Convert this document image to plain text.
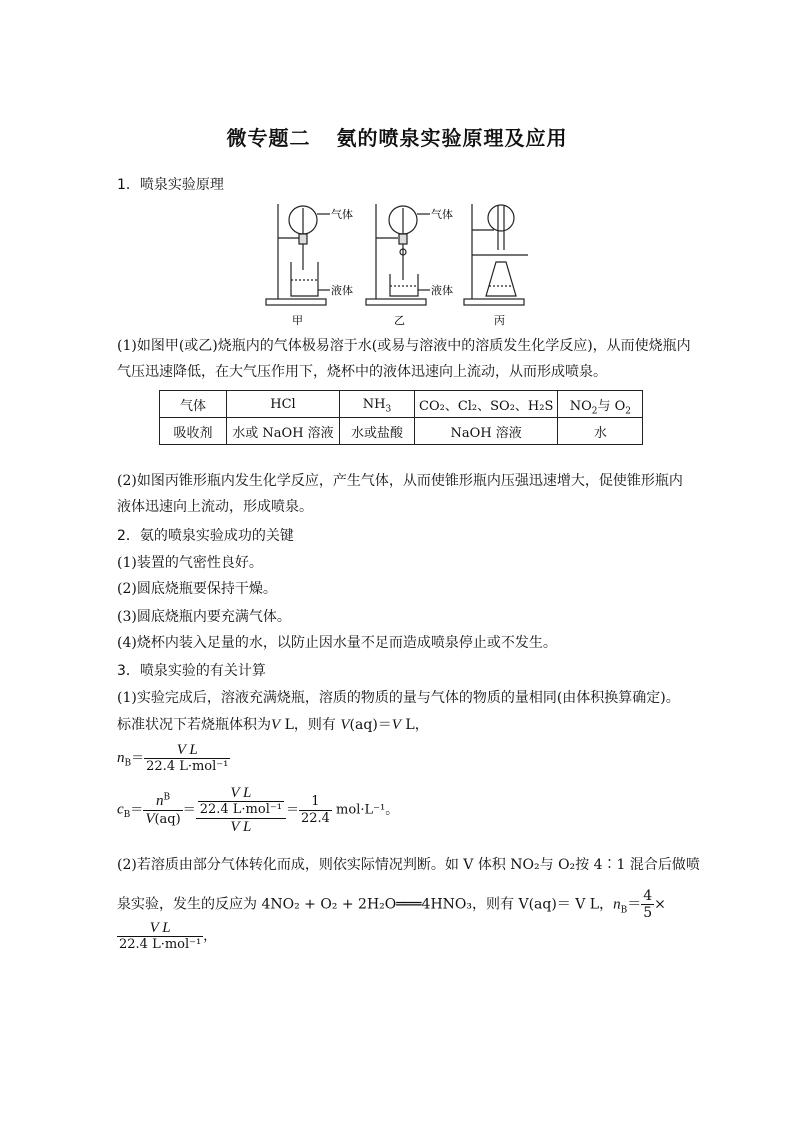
微专题二 氨的喷泉实验原理及应用
1．喷泉实验原理
气体
液体
气体
液体
甲	乙	丙
(1)如图甲(或乙)烧瓶内的气体极易溶于水(或易与溶液中的溶质发生化学反应)，从而使烧瓶内
气压迅速降低，在大气压作用下，烧杯中的液体迅速向上流动，从而形成喷泉。
气体	HCl	$NH_3$	CO₂、Cl₂、SO₂、H₂S	$NO_2$与 $O_2$
吸收剂	水或 NaOH 溶液	水或盐酸	NaOH 溶液	水
(2)如图丙锥形瓶内发生化学反应，产生气体，从而使锥形瓶内压强迅速增大，促使锥形瓶内
液体迅速向上流动，形成喷泉。
2．氨的喷泉实验成功的关键
(1)装置的气密性良好。
(2)圆底烧瓶要保持干燥。
(3)圆底烧瓶内要充满气体。
(4)烧杯内装入足量的水，以防止因水量不足而造成喷泉停止或不发生。
3．喷泉实验的有关计算
(1)实验完成后，溶液充满烧瓶，溶质的物质的量与气体的物质的量相同(由体积换算确定)。
标准状况下若烧瓶体积为V L，则有 V(aq)＝V L，
$n_B= \frac{\text{V L}}{\text{22.4 L·mol⁻¹}}$
$c_B= \frac{n^B}{V(aq)} = \frac{\frac{\text{V L}}{\text{22.4 L·mol⁻¹}}}{\text{V L}} = \frac{1}{22.4} mol\cdot L^{-1}$。
(2)若溶质由部分气体转化而成，则依实际情况判断。如 V 体积 NO₂与 O₂按 4∶1 混合后做喷
泉实验，发生的反应为 4NO₂ + O₂ + 2H₂O═══4HNO₃，则有 V(aq)＝ V L，$n_B= \frac{4}{5}$ ×
$\frac{\text{V L}}{\text{22.4 L·mol⁻¹}}$ ，
